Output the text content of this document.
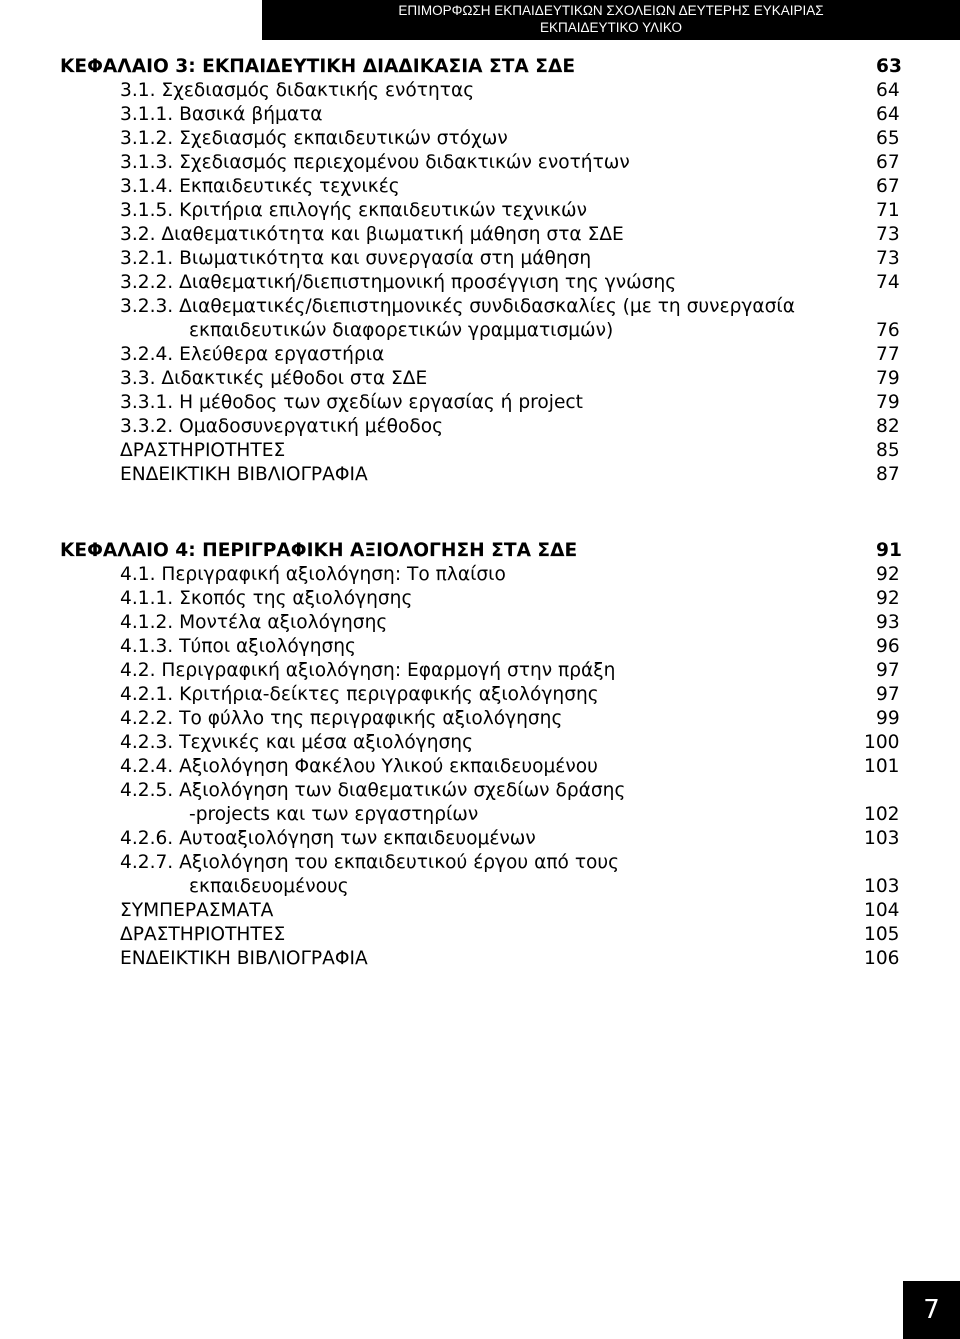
ΕΠΙΜΟΡΦΩΣΗ ΕΚΠΑΙΔΕΥΤΙΚΩΝ ΣΧΟΛΕΙΩΝ ΔΕΥΤΕΡΗΣ ΕΥΚΑΙΡΙΑΣ
ΕΚΠΑΙΔΕΥΤΙΚΟ ΥΛΙΚΟ
ΚΕΦΑΛΑΙΟ 3: ΕΚΠΑΙΔΕΥΤΙΚΗ ΔΙΑΔΙΚΑΣΙΑ ΣΤΑ ΣΔΕ	63
3.1. Σχεδιασμός διδακτικής ενότητας	64
3.1.1. Βασικά βήματα	64
3.1.2. Σχεδιασμός εκπαιδευτικών στόχων	65
3.1.3. Σχεδιασμός περιεχομένου διδακτικών ενοτήτων	67
3.1.4. Εκπαιδευτικές τεχνικές	67
3.1.5. Κριτήρια επιλογής εκπαιδευτικών τεχνικών	71
3.2. Διαθεματικότητα και βιωματική μάθηση στα ΣΔΕ	73
3.2.1. Βιωματικότητα και συνεργασία στη μάθηση	73
3.2.2. Διαθεματική/διεπιστημονική προσέγγιση της γνώσης	74
3.2.3. Διαθεματικές/διεπιστημονικές συνδιδασκαλίες (με τη συνεργασία
εκπαιδευτικών διαφορετικών γραμματισμών)	76
3.2.4. Ελεύθερα εργαστήρια	77
3.3. Διδακτικές μέθοδοι στα ΣΔΕ	79
3.3.1. Η μέθοδος των σχεδίων εργασίας ή project	79
3.3.2. Ομαδοσυνεργατική μέθοδος	82
ΔΡΑΣΤΗΡΙΟΤΗΤΕΣ	85
ΕΝΔΕΙΚΤΙΚΗ ΒΙΒΛΙΟΓΡΑΦΙΑ	87
ΚΕΦΑΛΑΙΟ 4: ΠΕΡΙΓΡΑΦΙΚΗ ΑΞΙΟΛΟΓΗΣΗ ΣΤΑ ΣΔΕ	91
4.1. Περιγραφική αξιολόγηση: Το πλαίσιο	92
4.1.1. Σκοπός της αξιολόγησης	92
4.1.2. Μοντέλα αξιολόγησης	93
4.1.3. Τύποι αξιολόγησης	96
4.2. Περιγραφική αξιολόγηση: Εφαρμογή στην πράξη	97
4.2.1. Κριτήρια-δείκτες περιγραφικής αξιολόγησης	97
4.2.2. Το φύλλο της περιγραφικής αξιολόγησης	99
4.2.3. Τεχνικές και μέσα αξιολόγησης	100
4.2.4. Αξιολόγηση Φακέλου Υλικού εκπαιδευομένου	101
4.2.5. Αξιολόγηση των διαθεματικών σχεδίων δράσης
-projects και των εργαστηρίων	102
4.2.6. Αυτοαξιολόγηση των εκπαιδευομένων	103
4.2.7. Αξιολόγηση του εκπαιδευτικού έργου από τους
εκπαιδευομένους	103
ΣΥΜΠΕΡΑΣΜΑΤΑ	104
ΔΡΑΣΤΗΡΙΟΤΗΤΕΣ	105
ΕΝΔΕΙΚΤΙΚΗ ΒΙΒΛΙΟΓΡΑΦΙΑ	106
7
